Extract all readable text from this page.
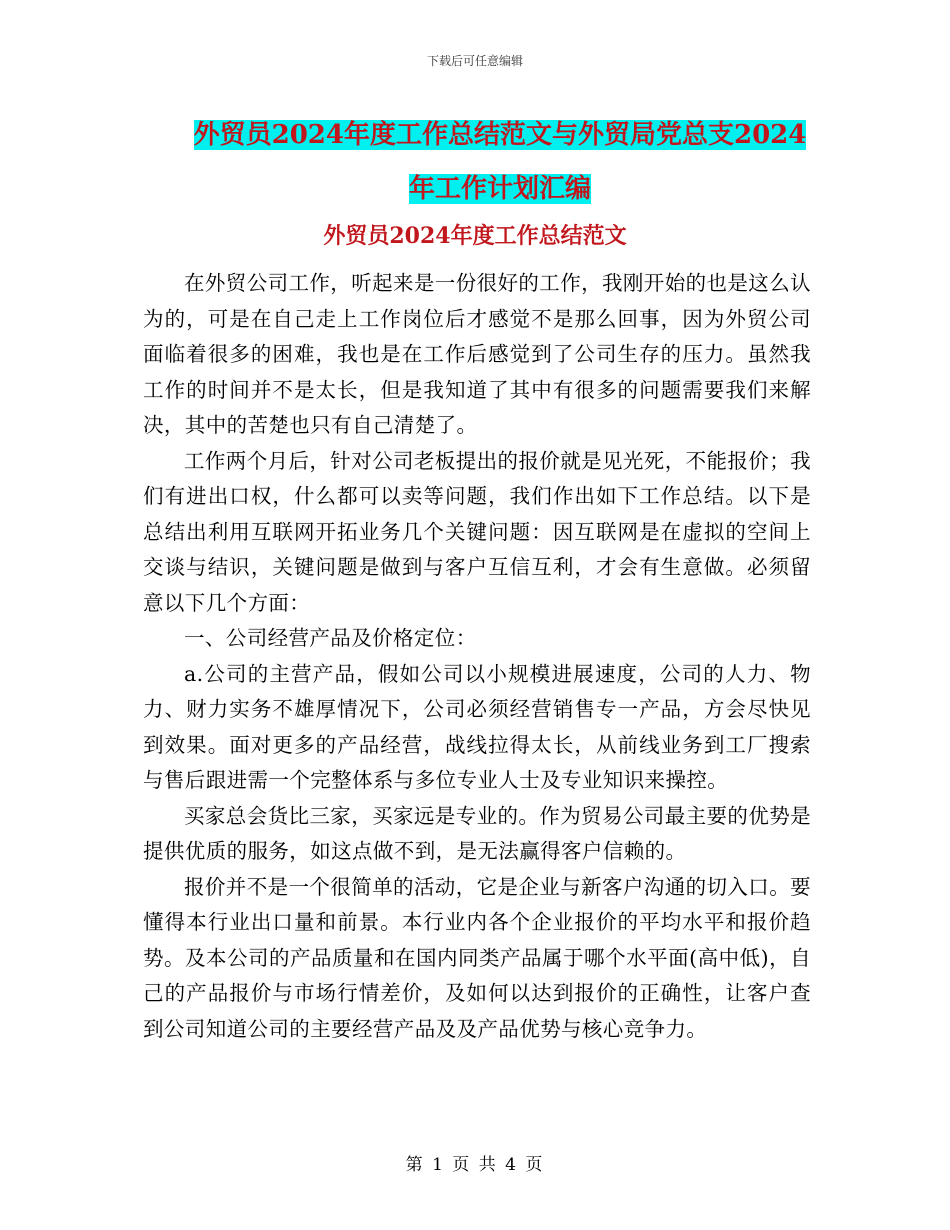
下载后可任意编辑
外贸员2024年度工作总结范文与外贸局党总支2024
年工作计划汇编
外贸员2024年度工作总结范文

在外贸公司工作，听起来是一份很好的工作，我刚开始的也是这么认为的，可是在自己走上工作岗位后才感觉不是那么回事，因为外贸公司面临着很多的困难，我也是在工作后感觉到了公司生存的压力。虽然我工作的时间并不是太长，但是我知道了其中有很多的问题需要我们来解决，其中的苦楚也只有自己清楚了。

工作两个月后，针对公司老板提出的报价就是见光死，不能报价；我们有进出口权，什么都可以卖等问题，我们作出如下工作总结。以下是总结出利用互联网开拓业务几个关键问题：因互联网是在虚拟的空间上交谈与结识，关键问题是做到与客户互信互利，才会有生意做。必须留意以下几个方面：

一、公司经营产品及价格定位：

a.公司的主营产品，假如公司以小规模进展速度，公司的人力、物力、财力实务不雄厚情况下，公司必须经营销售专一产品，方会尽快见到效果。面对更多的产品经营，战线拉得太长，从前线业务到工厂搜索与售后跟进需一个完整体系与多位专业人士及专业知识来操控。

买家总会货比三家，买家远是专业的。作为贸易公司最主要的优势是提供优质的服务，如这点做不到，是无法赢得客户信赖的。

报价并不是一个很简单的活动，它是企业与新客户沟通的切入口。要懂得本行业出口量和前景。本行业内各个企业报价的平均水平和报价趋势。及本公司的产品质量和在国内同类产品属于哪个水平面(高中低)，自己的产品报价与市场行情差价，及如何以达到报价的正确性，让客户查到公司知道公司的主要经营产品及及产品优势与核心竞争力。

第 1 页 共 4 页
